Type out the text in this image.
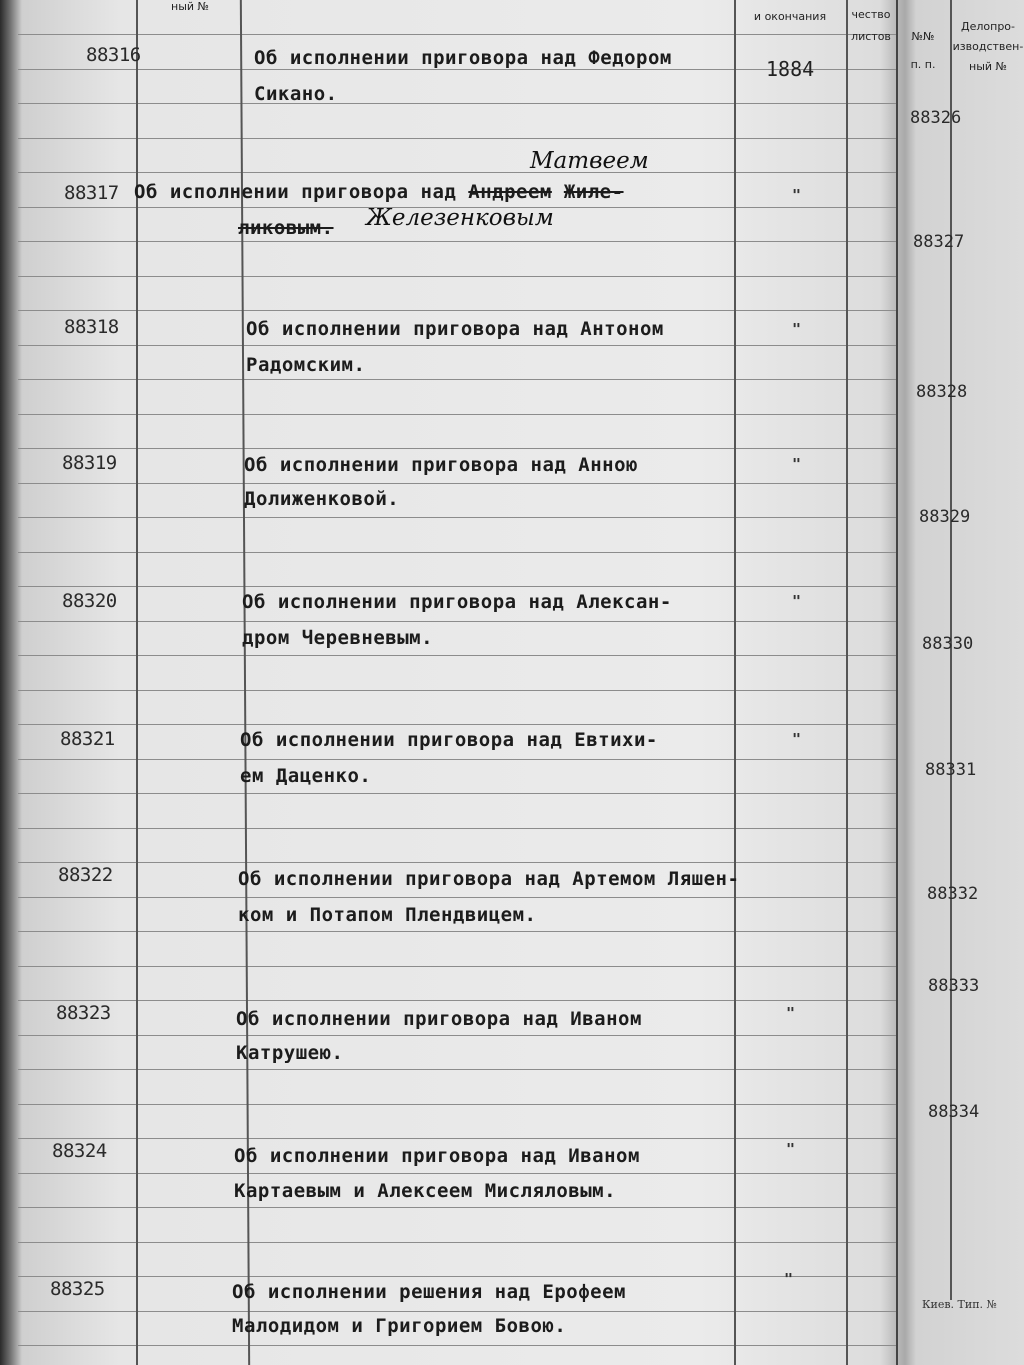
ный №
и окончания	чество
листов	№№
п. п.
Делопро-
изводствен-
ный №
88316	Об исполнении приговора над Федором
Сикано.
1884
88317 Об исполнении приговора над Андреем Жиле-
ликовым.
Матвеем
Железенковым
"
88318	Об исполнении приговора над Антоном
Радомским.
"
88319	Об исполнении приговора над Анною
Долиженковой.
"
88320	Об исполнении приговора над Алексан-
дром Черевневым.
"
88321	Об исполнении приговора над Евтихи-
ем Даценко.
"
88322	Об исполнении приговора над Артемом Ляшен-
ком и Потапом Плендвицем.
88323	Об исполнении приговора над Иваном
Катрушею.
"
88324	Об исполнении приговора над Иваном
Картаевым и Алексеем Мисляловым.
"
88325	Об исполнении решения над Ерофеем
Малодидом и Григорием Бовою.
"
88326
88327
88328
88329
88330
88331
88332
88333
88334
Киев. Тип. №
